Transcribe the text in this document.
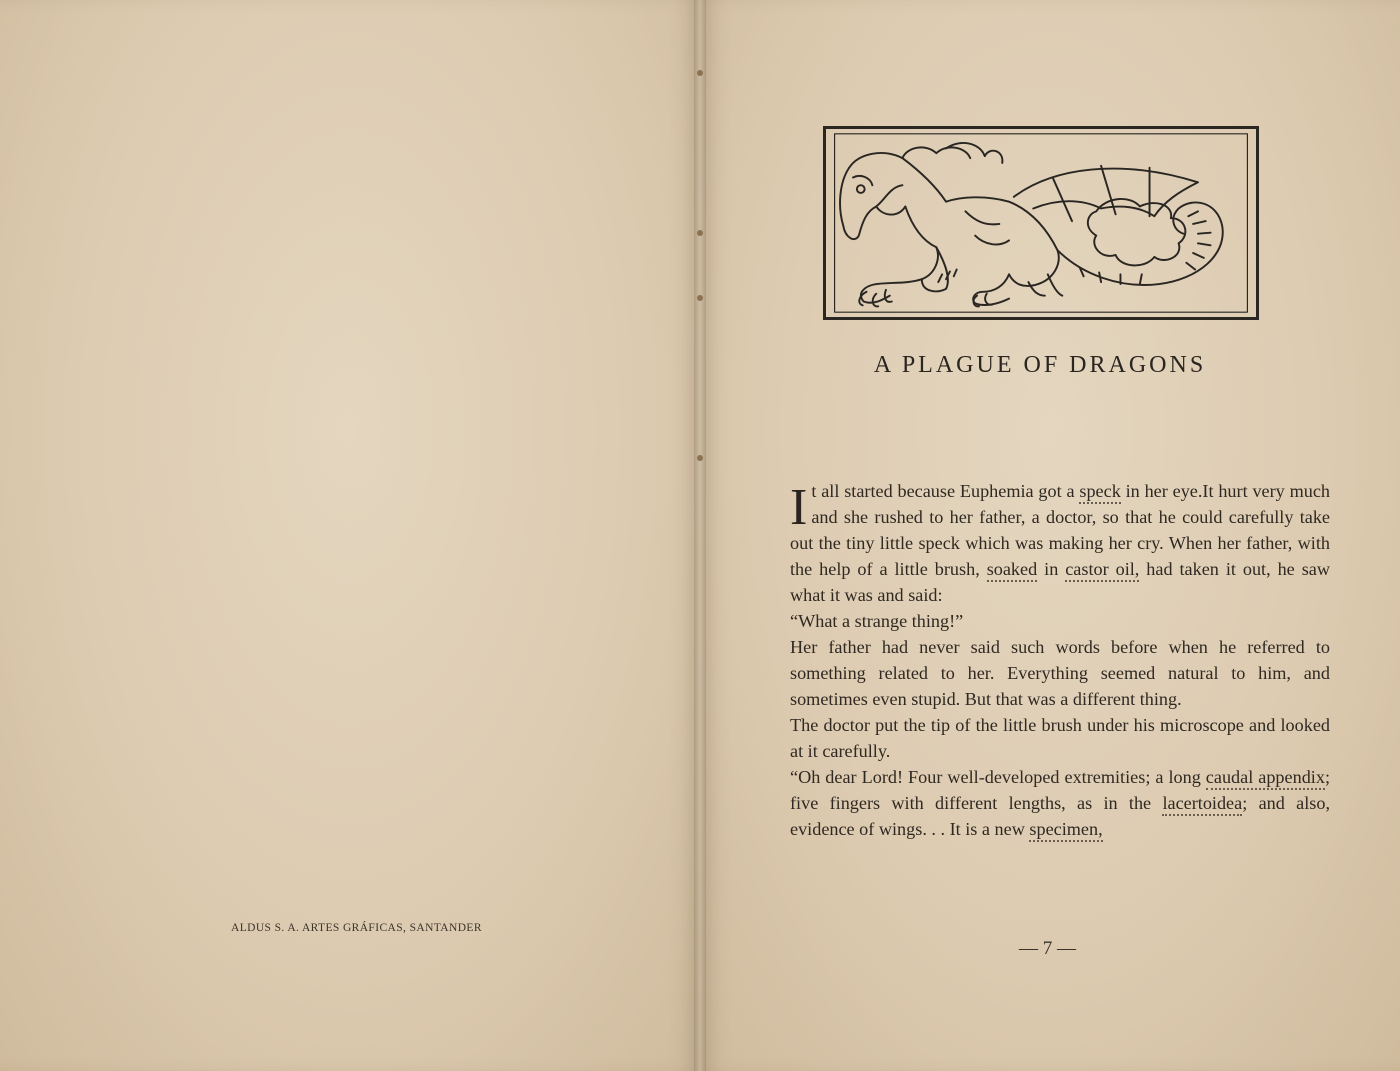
ALDUS S. A. ARTES GRÁFICAS, SANTANDER
A PLAGUE OF DRAGONS

It all started because Euphemia got a speck in her eye.It hurt very much and she rushed to her father, a doctor, so that he could carefully take out the tiny little speck which was making her cry. When her father, with the help of a little brush, soaked in castor oil, had taken it out, he saw what it was and said:

“What a strange thing!”

Her father had never said such words before when he referred to something related to her. Everything seemed natural to him, and sometimes even stupid. But that was a different thing.

The doctor put the tip of the little brush under his microscope and looked at it carefully.

“Oh dear Lord! Four well-developed extremities; a long caudal appendix; five fingers with different lengths, as in the lacertoidea; and also, evidence of wings. . . It is a new specimen,

— 7 —
